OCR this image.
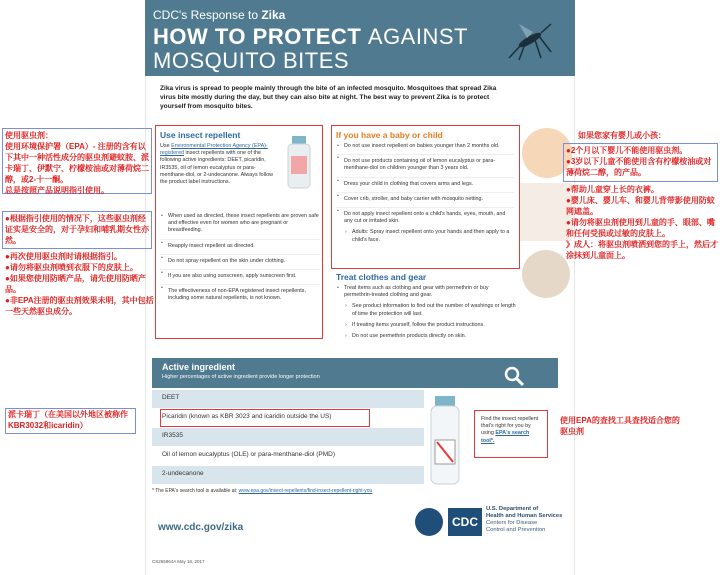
CDC's Response to Zika
HOW TO PROTECT AGAINST
MOSQUITO BITES
Zika virus is spread to people mainly through the bite of an infected mosquito. Mosquitoes that spread Zika virus bite mostly during the day, but they can also bite at night. The best way to prevent Zika is to protect yourself from mosquito bites.
Use insect repellent
Use Environmental Protection Agency (EPA)-registered insect repellents with one of the following active ingredients: DEET, picaridin, IR3535, oil of lemon eucalyptus or para-menthane-diol, or 2-undecanone. Always follow the product label instructions.
• When used as directed, these insect repellents are proven safe and effective even for women who are pregnant or breastfeeding.
• Reapply insect repellent as directed.
• Do not spray repellent on the skin under clothing.
• If you are also using sunscreen, apply sunscreen first.
• The effectiveness of non-EPA registered insect repellents, including some natural repellents, is not known.
If you have a baby or child
• Do not use insect repellent on babies younger than 2 months old.
• Do not use products containing oil of lemon eucalyptus or para-menthane-diol on children younger than 3 years old.
• Dress your child in clothing that covers arms and legs.
• Cover crib, stroller, and baby carrier with mosquito netting.
• Do not apply insect repellent onto a child's hands, eyes, mouth, and any cut or irritated skin.
› Adults: Spray insect repellent onto your hands and then apply to a child's face.
Treat clothes and gear
• Treat items such as clothing and gear with permethrin or buy permethrin-treated clothing and gear.
› See product information to find out the number of washings or length of time the protection will last.
› If treating items yourself, follow the product instructions.
› Do not use permethrin products directly on skin.
Active ingredient
Higher percentages of active ingredient provide longer protection
DEET
Picaridin (known as KBR 3023 and icaridin outside the US)
IR3535
Oil of lemon eucalyptus (OLE) or para-menthane-diol (PMD)
2-undecanone
Find the insect repellent that's right for you by using EPA's search tool*.
* The EPA's search tool is available at: www.epa.gov/insect-repellents/find-insect-repellent-right-you
www.cdc.gov/zika	CDC
U.S. Department of
Health and Human Services
Centers for Disease
Control and Prevention
CS265864A May 16, 2017
使用驱虫剂：
使用环境保护署（EPA）- 注册的含有以下其中一种活性成分的驱虫剂避蚊胺、派卡瑞丁、伊默宁、柠檬桉油或对薄荷烷二醇，或2-十一酮。
总是按照产品说明指引使用。
●根据指引使用的情况下，这些驱虫剂经证实是安全的，对于孕妇和哺乳期女性亦然。
●再次使用驱虫剂时请根据指引。
●请勿将驱虫剂喷到衣服下的皮肤上。
●如果您使用防晒产品，请先使用防晒产品。
●非EPA注册的驱虫剂效果未明，其中包括一些天然驱虫成分。
派卡瑞丁（在美国以外地区被称作KBR3032和icaridin）
如果您家有婴儿或小孩：
●2个月以下婴儿不能使用驱虫剂。
●3岁以下儿童不能使用含有柠檬桉油或对薄荷烷二醇，的产品。
●帮助儿童穿上长的衣裤。
●婴儿床、婴儿车、和婴儿背带影使用防蚊网遮盖。
●请勿将驱虫剂使用到儿童的手、眼部、嘴和任何受损或过敏的皮肤上。
》成人：将驱虫剂喷洒到您的手上，然后才涂抹到儿童面上。
使用EPA的查找工具查找适合您的驱虫剂
